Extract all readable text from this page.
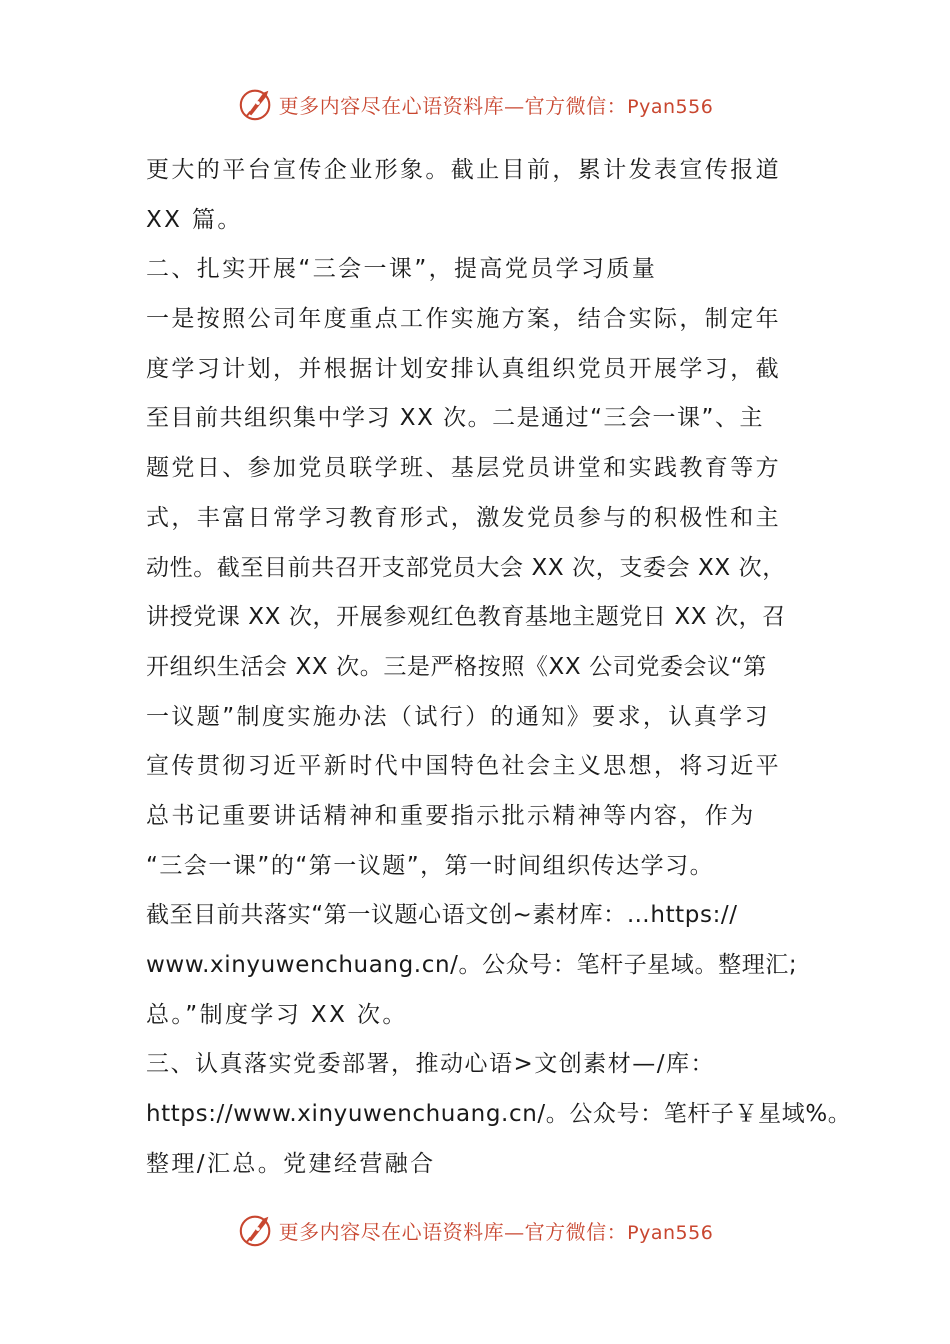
更多内容尽在心语资料库—官方微信：Pyan556
更大的平台宣传企业形象。截止目前，累计发表宣传报道
XX 篇。
二、扎实开展“三会一课”，提高党员学习质量
一是按照公司年度重点工作实施方案，结合实际，制定年
度学习计划，并根据计划安排认真组织党员开展学习，截
至目前共组织集中学习 XX 次。二是通过“三会一课”、主
题党日、参加党员联学班、基层党员讲堂和实践教育等方
式，丰富日常学习教育形式，激发党员参与的积极性和主
动性。截至目前共召开支部党员大会 XX 次，支委会 XX 次，
讲授党课 XX 次，开展参观红色教育基地主题党日 XX 次，召
开组织生活会 XX 次。三是严格按照《XX 公司党委会议“第
一议题”制度实施办法（试行）的通知》要求，认真学习
宣传贯彻习近平新时代中国特色社会主义思想，将习近平
总书记重要讲话精神和重要指示批示精神等内容，作为
“三会一课”的“第一议题”，第一时间组织传达学习。
截至目前共落实“第一议题心语文创~素材库：…https://
www.xinyuwenchuang.cn/。公众号：笔杆子星域。整理汇;
总。”制度学习 XX 次。
三、认真落实党委部署，推动心语>文创素材—/库：
https://www.xinyuwenchuang.cn/。公众号：笔杆子￥星域%。
整理/汇总。党建经营融合
更多内容尽在心语资料库—官方微信：Pyan556
